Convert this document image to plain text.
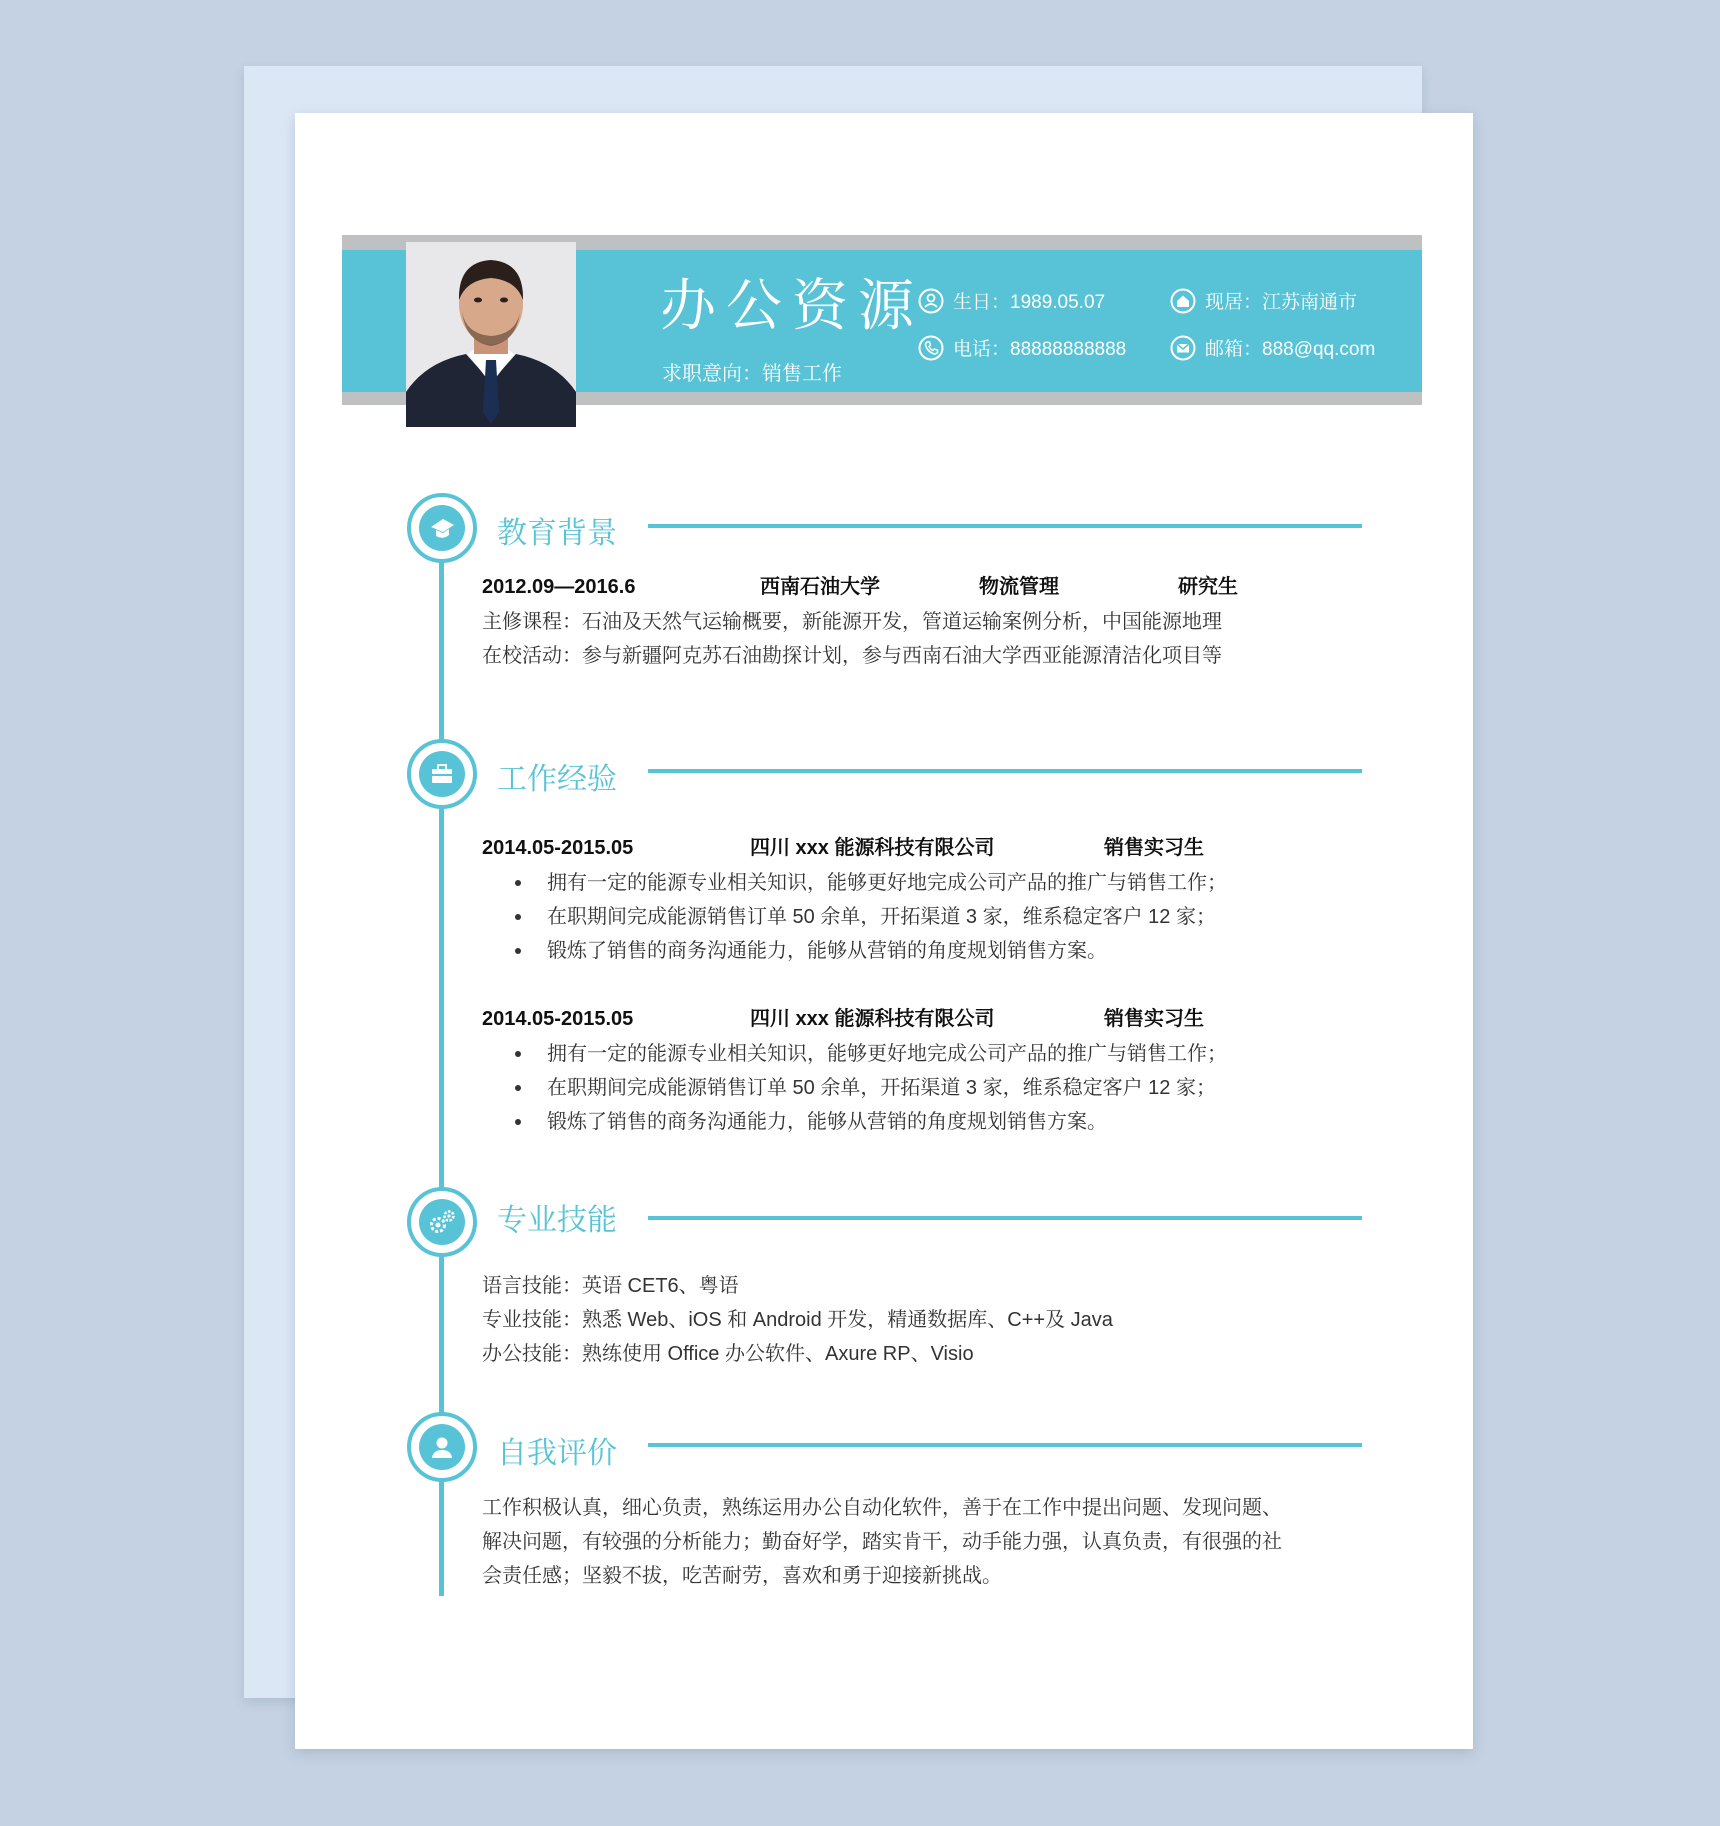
办公资源
求职意向：销售工作
生日：1989.05.07	现居：江苏南通市
电话：88888888888	邮箱：888@qq.com
教育背景
2012.09—2016.6	西南石油大学	物流管理	研究生
主修课程：石油及天然气运输概要，新能源开发，管道运输案例分析，中国能源地理
在校活动：参与新疆阿克苏石油勘探计划，参与西南石油大学西亚能源清洁化项目等
工作经验
2014.05-2015.05	四川 xxx 能源科技有限公司	销售实习生
拥有一定的能源专业相关知识，能够更好地完成公司产品的推广与销售工作；
在职期间完成能源销售订单 50 余单，开拓渠道 3 家，维系稳定客户 12 家；
锻炼了销售的商务沟通能力，能够从营销的角度规划销售方案。
2014.05-2015.05	四川 xxx 能源科技有限公司	销售实习生
拥有一定的能源专业相关知识，能够更好地完成公司产品的推广与销售工作；
在职期间完成能源销售订单 50 余单，开拓渠道 3 家，维系稳定客户 12 家；
锻炼了销售的商务沟通能力，能够从营销的角度规划销售方案。
专业技能
语言技能：英语 CET6、粤语
专业技能：熟悉 Web、iOS 和 Android 开发，精通数据库、C++及 Java
办公技能：熟练使用 Office 办公软件、Axure RP、Visio
自我评价
工作积极认真，细心负责，熟练运用办公自动化软件，善于在工作中提出问题、发现问题、
解决问题，有较强的分析能力；勤奋好学，踏实肯干，动手能力强，认真负责，有很强的社
会责任感；坚毅不拔，吃苦耐劳，喜欢和勇于迎接新挑战。
